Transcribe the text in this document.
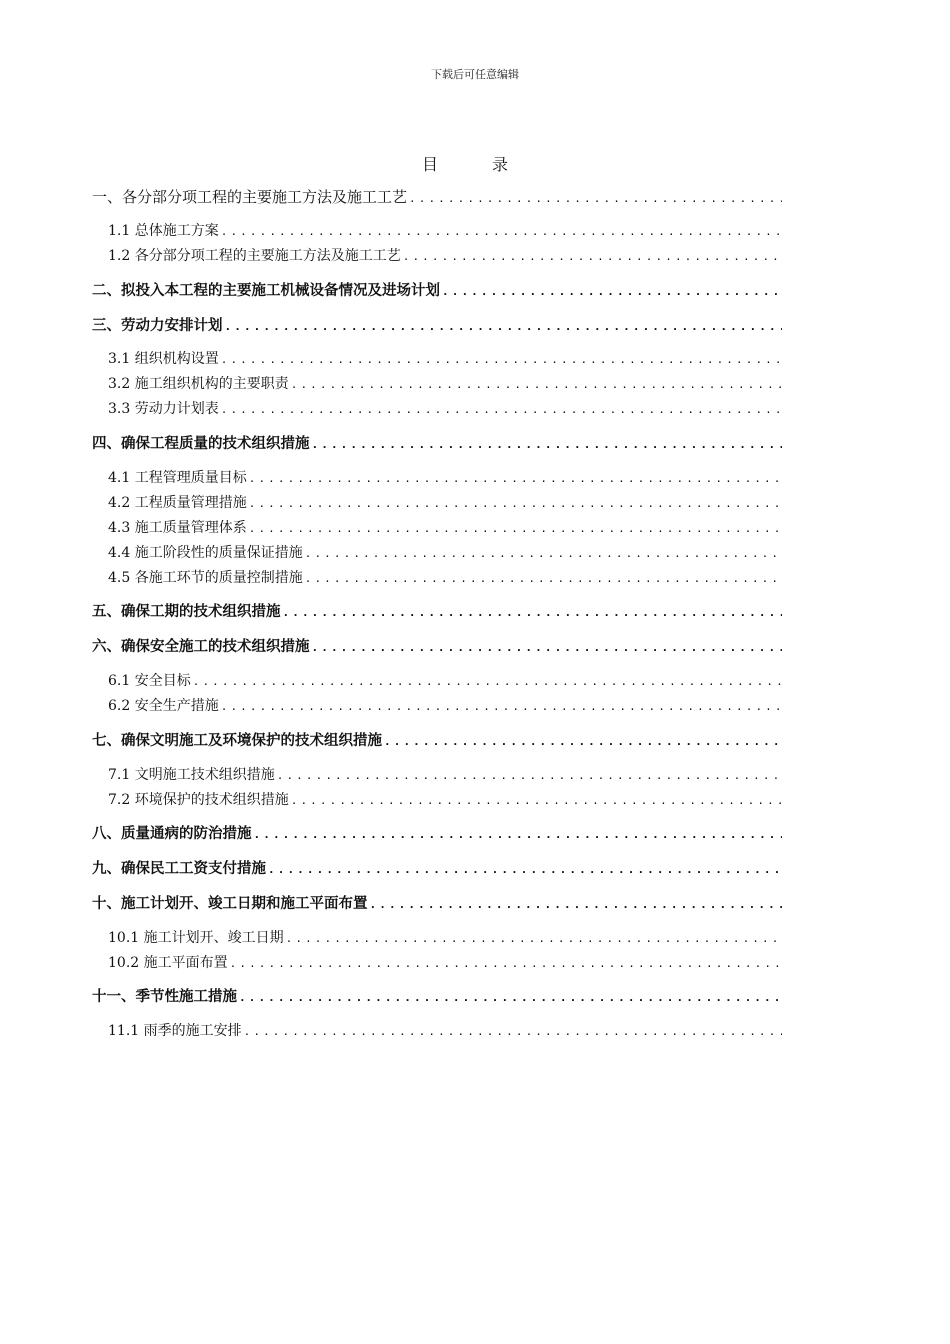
下载后可任意编辑
目	录
一、各分部分项工程的主要施工方法及施工工艺
.....
1.1 总体施工方案
.....
1.2 各分部分项工程的主要施工方法及施工工艺
.....
二、拟投入本工程的主要施工机械设备情况及进场计划
.....
三、劳动力安排计划
.....
3.1 组织机构设置
.....
3.2 施工组织机构的主要职责
.....
3.3 劳动力计划表
.....
四、确保工程质量的技术组织措施
.....
4.1 工程管理质量目标
.....
4.2 工程质量管理措施
.....
4.3 施工质量管理体系
.....
4.4 施工阶段性的质量保证措施
.....
4.5 各施工环节的质量控制措施
.....
五、确保工期的技术组织措施
.....
六、确保安全施工的技术组织措施
.....
6.1 安全目标
.....
6.2 安全生产措施
.....
七、确保文明施工及环境保护的技术组织措施
.....
7.1 文明施工技术组织措施
.....
7.2 环境保护的技术组织措施
.....
八、质量通病的防治措施
.....
九、确保民工工资支付措施
.....
十、施工计划开、竣工日期和施工平面布置
.....
10.1 施工计划开、竣工日期
.....
10.2 施工平面布置
.....
十一、季节性施工措施
.....
11.1 雨季的施工安排
.....
